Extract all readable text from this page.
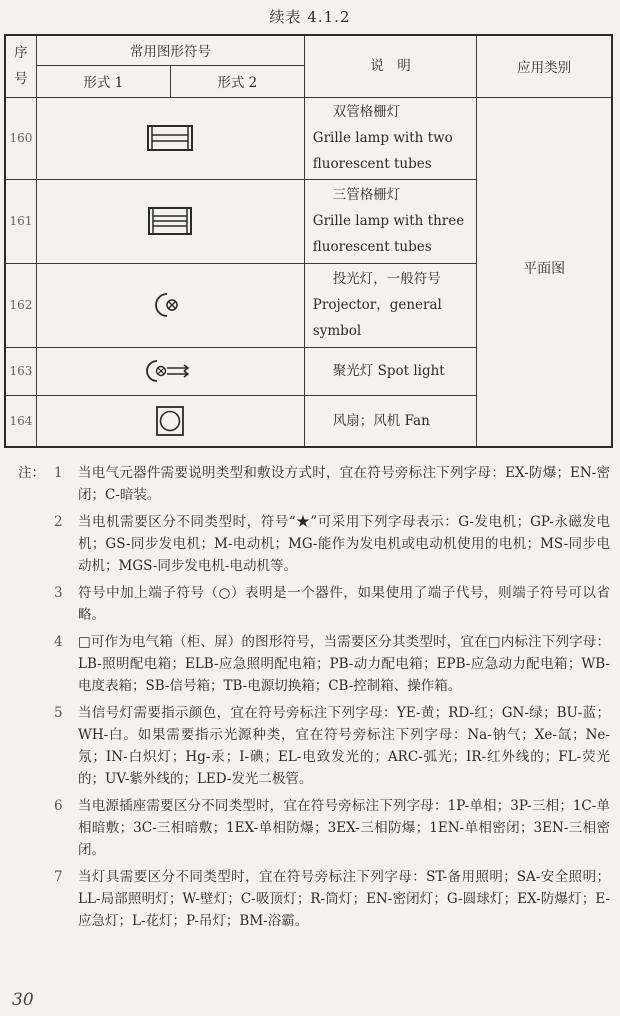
续表 4.1.2
序号	常用图形符号		说　明	应用类别
	形式 1	形式 2		
160			双管格栅灯
Grille lamp with two fluorescent tubes	平面图
161			三管格栅灯
Grille lamp with three fluorescent tubes	

162			投光灯，一般符号
Projector，general symbol	

163			聚光灯 Spot light	

164			风扇；风机 Fan	
注： 1 当电气元器件需要说明类型和敷设方式时，宜在符号旁标注下列字母：EX-防爆；EN-密闭；C-暗装。
2 当电机需要区分不同类型时，符号“★”可采用下列字母表示：G-发电机；GP-永磁发电机；GS-同步发电机；M-电动机；MG-能作为发电机或电动机使用的电机；MS-同步电动机；MGS-同步发电机-电动机等。
3 符号中加上端子符号（○）表明是一个器件，如果使用了端子代号，则端子符号可以省略。
4 □可作为电气箱（柜、屏）的图形符号，当需要区分其类型时，宜在□内标注下列字母：LB-照明配电箱；ELB-应急照明配电箱；PB-动力配电箱；EPB-应急动力配电箱；WB-电度表箱；SB-信号箱；TB-电源切换箱；CB-控制箱、操作箱。
5 当信号灯需要指示颜色，宜在符号旁标注下列字母：YE-黄；RD-红；GN-绿；BU-蓝；WH-白。如果需要指示光源种类，宜在符号旁标注下列字母：Na-钠气；Xe-氙；Ne-氖；IN-白炽灯；Hg-汞；I-碘；EL-电致发光的；ARC-弧光；IR-红外线的；FL-荧光的；UV-紫外线的；LED-发光二极管。
6 当电源插座需要区分不同类型时，宜在符号旁标注下列字母：1P-单相；3P-三相；1C-单相暗敷；3C-三相暗敷；1EX-单相防爆；3EX-三相防爆；1EN-单相密闭；3EN-三相密闭。
7 当灯具需要区分不同类型时，宜在符号旁标注下列字母：ST-备用照明；SA-安全照明；LL-局部照明灯；W-壁灯；C-吸顶灯；R-筒灯；EN-密闭灯；G-圆球灯；EX-防爆灯；E-应急灯；L-花灯；P-吊灯；BM-浴霸。
30
